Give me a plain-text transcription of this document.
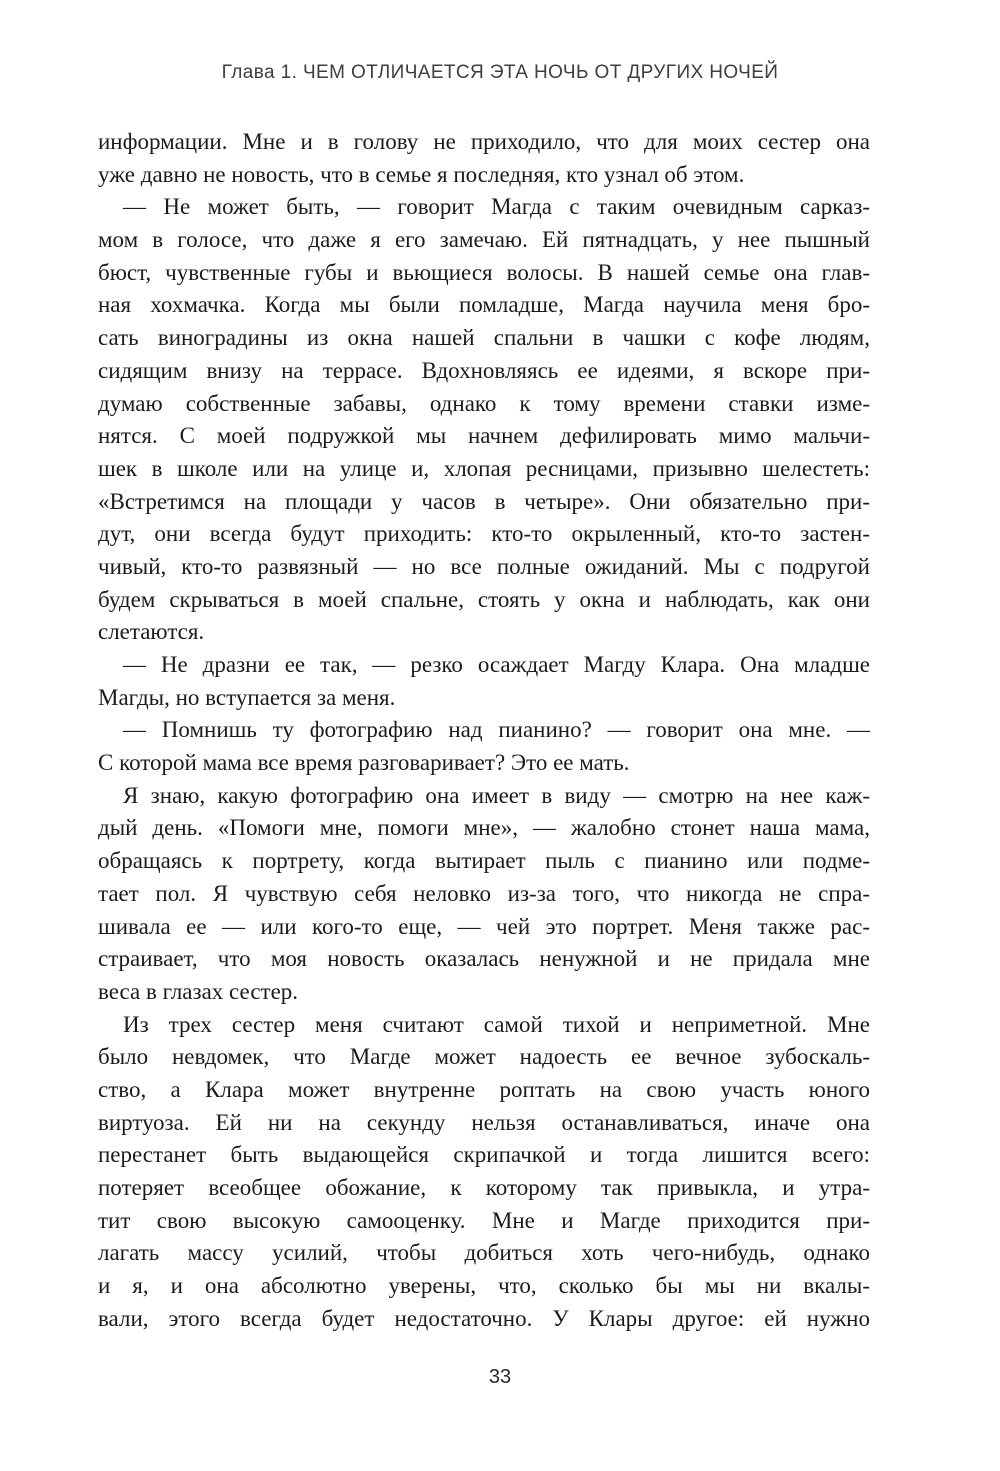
Глава 1. ЧЕМ ОТЛИЧАЕТСЯ ЭТА НОЧЬ ОТ ДРУГИХ НОЧЕЙ
информации. Мне и в голову не приходило, что для моих сестер она
уже давно не новость, что в семье я последняя, кто узнал об этом.
— Не может быть, — говорит Магда с таким очевидным сарказ-
мом в голосе, что даже я его замечаю. Ей пятнадцать, у нее пышный
бюст, чувственные губы и вьющиеся волосы. В нашей семье она глав-
ная хохмачка. Когда мы были помладше, Магда научила меня бро-
сать виноградины из окна нашей спальни в чашки с кофе людям,
сидящим внизу на террасе. Вдохновляясь ее идеями, я вскоре при-
думаю собственные забавы, однако к тому времени ставки изме-
нятся. С моей подружкой мы начнем дефилировать мимо мальчи-
шек в школе или на улице и, хлопая ресницами, призывно шелестеть:
«Встретимся на площади у часов в четыре». Они обязательно при-
дут, они всегда будут приходить: кто-то окрыленный, кто-то застен-
чивый, кто-то развязный — но все полные ожиданий. Мы с подругой
будем скрываться в моей спальне, стоять у окна и наблюдать, как они
слетаются.
— Не дразни ее так, — резко осаждает Магду Клара. Она младше
Магды, но вступается за меня.
— Помнишь ту фотографию над пианино? — говорит она мне. —
С которой мама все время разговаривает? Это ее мать.
Я знаю, какую фотографию она имеет в виду — смотрю на нее каж-
дый день. «Помоги мне, помоги мне», — жалобно стонет наша мама,
обращаясь к портрету, когда вытирает пыль с пианино или подме-
тает пол. Я чувствую себя неловко из-за того, что никогда не спра-
шивала ее — или кого-то еще, — чей это портрет. Меня также рас-
страивает, что моя новость оказалась ненужной и не придала мне
веса в глазах сестер.
Из трех сестер меня считают самой тихой и неприметной. Мне
было невдомек, что Магде может надоесть ее вечное зубоскаль-
ство, а Клара может внутренне роптать на свою участь юного
виртуоза. Ей ни на секунду нельзя останавливаться, иначе она
перестанет быть выдающейся скрипачкой и тогда лишится всего:
потеряет всеобщее обожание, к которому так привыкла, и утра-
тит свою высокую самооценку. Мне и Магде приходится при-
лагать массу усилий, чтобы добиться хоть чего-нибудь, однако
и я, и она абсолютно уверены, что, сколько бы мы ни вкалы-
вали, этого всегда будет недостаточно. У Клары другое: ей нужно
33
